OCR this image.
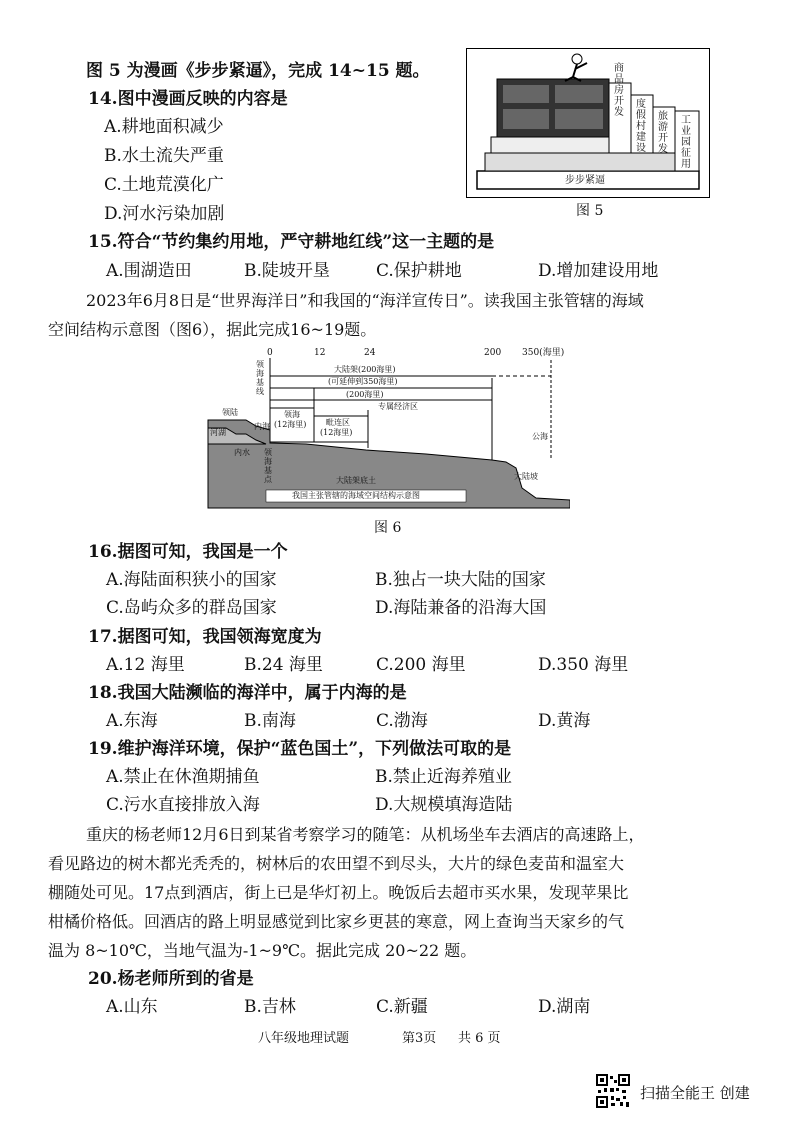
图 5 为漫画《步步紧逼》，完成 14~15 题。	商品房开发
度假村建设
旅游开发
工业园征用
步步紧逼
图 5
14.图中漫画反映的内容是
A.耕地面积减少
B.水土流失严重
C.土地荒漠化广
D.河水污染加剧
15.符合“节约集约用地，严守耕地红线”这一主题的是
A.围湖造田	B.陡坡开垦	C.保护耕地	D.增加建设用地
2023年6月8日是“世界海洋日”和我国的“海洋宣传日”。读我国主张管辖的海域
空间结构示意图（图6），据此完成16~19题。
0	12	24	200 350(海里)
领海基线
大陆架(200海里)
(可延伸到350海里)
(200海里)
专属经济区
领海
(12海里) 毗连区
(12海里)
领陆
河湖
内水
内海
领海基点
公海
大陆架底土	大陆坡
我国主张管辖的海域空间结构示意图
图 6
16.据图可知，我国是一个
A.海陆面积狭小的国家	B.独占一块大陆的国家
C.岛屿众多的群岛国家	D.海陆兼备的沿海大国
17.据图可知，我国领海宽度为
A.12 海里	B.24 海里	C.200 海里	D.350 海里
18.我国大陆濒临的海洋中，属于内海的是
A.东海	B.南海	C.渤海	D.黄海
19.维护海洋环境，保护“蓝色国土”，下列做法可取的是
A.禁止在休渔期捕鱼	B.禁止近海养殖业
C.污水直接排放入海	D.大规模填海造陆
重庆的杨老师12月6日到某省考察学习的随笔：从机场坐车去酒店的高速路上，
看见路边的树木都光秃秃的，树林后的农田望不到尽头，大片的绿色麦苗和温室大
棚随处可见。17点到酒店，街上已是华灯初上。晚饭后去超市买水果，发现苹果比
柑橘价格低。回酒店的路上明显感觉到比家乡更甚的寒意，网上查询当天家乡的气
温为 8~10℃，当地气温为-1~9℃。据此完成 20~22 题。
20.杨老师所到的省是
A.山东	B.吉林	C.新疆	D.湖南
八年级地理试题	第3页 共 6 页
扫描全能王 创建
